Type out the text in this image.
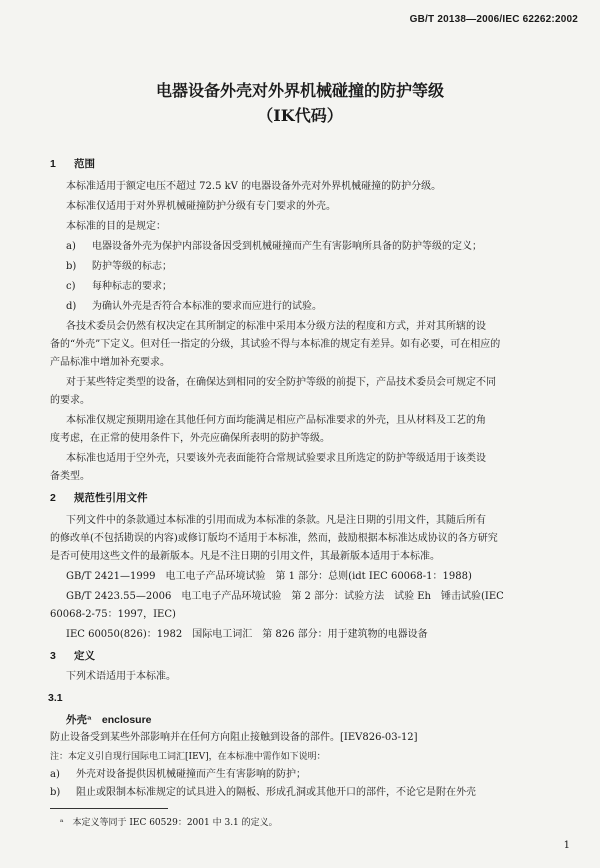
GB/T 20138—2006/IEC 62262:2002
电器设备外壳对外界机械碰撞的防护等级
（IK代码）
1 范围
本标准适用于额定电压不超过 72.5 kV 的电器设备外壳对外界机械碰撞的防护分级。
本标准仅适用于对外界机械碰撞防护分级有专门要求的外壳。
本标准的目的是规定：
a) 电器设备外壳为保护内部设备因受到机械碰撞而产生有害影响所具备的防护等级的定义；
b) 防护等级的标志；
c) 每种标志的要求；
d) 为确认外壳是否符合本标准的要求而应进行的试验。
各技术委员会仍然有权决定在其所制定的标准中采用本分级方法的程度和方式，并对其所辖的设
备的“外壳”下定义。但对任一指定的分级，其试验不得与本标准的规定有差异。如有必要，可在相应的
产品标准中增加补充要求。
对于某些特定类型的设备，在确保达到相同的安全防护等级的前提下，产品技术委员会可规定不同
的要求。
本标准仅规定预期用途在其他任何方面均能满足相应产品标准要求的外壳，且从材料及工艺的角
度考虑，在正常的使用条件下，外壳应确保所表明的防护等级。
本标准也适用于空外壳，只要该外壳表面能符合常规试验要求且所选定的防护等级适用于该类设
备类型。
2 规范性引用文件
下列文件中的条款通过本标准的引用而成为本标准的条款。凡是注日期的引用文件，其随后所有
的修改单(不包括勘误的内容)或修订版均不适用于本标准，然而，鼓励根据本标准达成协议的各方研究
是否可使用这些文件的最新版本。凡是不注日期的引用文件，其最新版本适用于本标准。
GB/T 2421—1999　电工电子产品环境试验　第 1 部分：总则(idt IEC 60068-1：1988)
GB/T 2423.55—2006　电工电子产品环境试验　第 2 部分：试验方法　试验 Eh　锤击试验(IEC
60068-2-75：1997，IEC)
IEC 60050(826)：1982　国际电工词汇　第 826 部分：用于建筑物的电器设备
3 定义
下列术语适用于本标准。
3.1
外壳ᵃ enclosure
防止设备受到某些外部影响并在任何方向阻止接触到设备的部件。[IEV826-03-12]
注：本定义引自现行国际电工词汇[IEV]，在本标准中需作如下说明：
a) 外壳对设备提供因机械碰撞而产生有害影响的防护；
b) 阻止或限制本标准规定的试具进入的隔板、形成孔洞或其他开口的部件，不论它是附在外壳
ᵃ　本定义等同于 IEC 60529：2001 中 3.1 的定义。
1
